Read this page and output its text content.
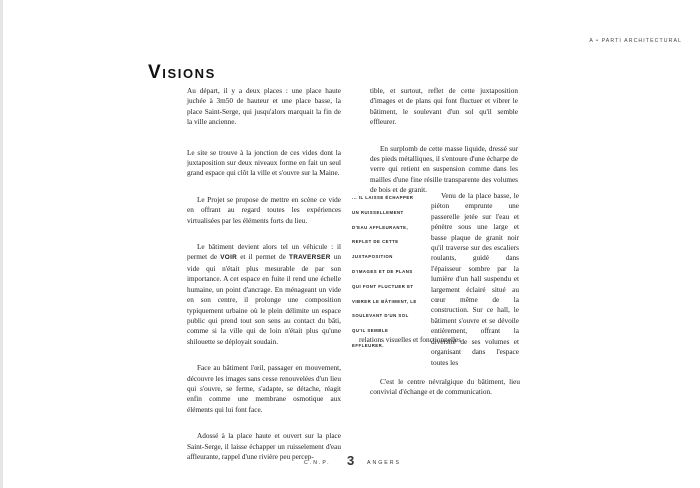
A • PARTI ARCHITECTURAL
Visions

Au départ, il y a deux places : une place haute juchée à 3m50 de hauteur et une place basse, la place Saint-Serge, qui jusqu'alors marquait la fin de la ville ancienne.

Le site se trouve à la jonction de ces vides dont la juxtaposition sur deux niveaux forme en fait un seul grand espace qui clôt la ville et s'ouvre sur la Maine.

Le Projet se propose de mettre en scène ce vide en offrant au regard toutes les expériences virtualisées par les éléments forts du lieu.

Le bâtiment devient alors tel un véhicule : il permet de VOIR et il permet de TRAVERSER un vide qui n'était plus mesurable de par son importance. A cet espace en fuite il rend une échelle humaine, un point d'ancrage. En ménageant un vide en son centre, il prolonge une composition typiquement urbaine où le plein délimite un espace public qui prend tout son sens au contact du bâti, comme si la ville qui de loin n'était plus qu'une shilouette se déployait soudain.

Face au bâtiment l'œil, passager en mouvement, découvre les images sans cesse renouvelées d'un lieu qui s'ouvre, se ferme, s'adapte, se détache, réagit enfin comme une membrane osmotique aux éléments qui lui font face.

Adossé à la place haute et ouvert sur la place Saint-Serge, il laisse échapper un ruisselement d'eau affleurante, rappel d'une rivière peu percep-

tible, et surtout, reflet de cette juxtaposition d'images et de plans qui font fluctuer et vibrer le bâtiment, le soulevant d'un sol qu'il semble effleurer.

En surplomb de cette masse liquide, dressé sur des pieds métalliques, il s'entoure d'une écharpe de verre qui retient en suspension comme dans les mailles d'une fine résille transparente des volumes de bois et de granit.

... IL LAISSE ÉCHAPPER
UN RUISSELLEMENT
D'EAU AFFLEURANTE,
REFLET DE CETTE
JUXTAPOSITION
D'IMAGES ET DE PLANS
QUI FONT FLUCTUER ET
VIBRER LE BÂTIMENT, LE
SOULEVANT D'UN SOL
QU'IL SEMBLE
EFFLEURER.

Venu de la place basse, le piéton emprunte une passerelle jetée sur l'eau et pénètre sous une large et basse plaque de granit noir qu'il traverse sur des escaliers roulants, guidé dans l'épaisseur sombre par la lumière d'un hall suspendu et largement éclairé situé au cœur même de la construction. Sur ce hall, le bâtiment s'ouvre et se dévoile entièrement, offrant la diversité de ses volumes et organisant dans l'espace toutes les

relations visuelles et fonctionnelles

C'est le centre névralgique du bâtiment, lieu convivial d'échange et de communication.

C.N.P. 3 ANGERS
